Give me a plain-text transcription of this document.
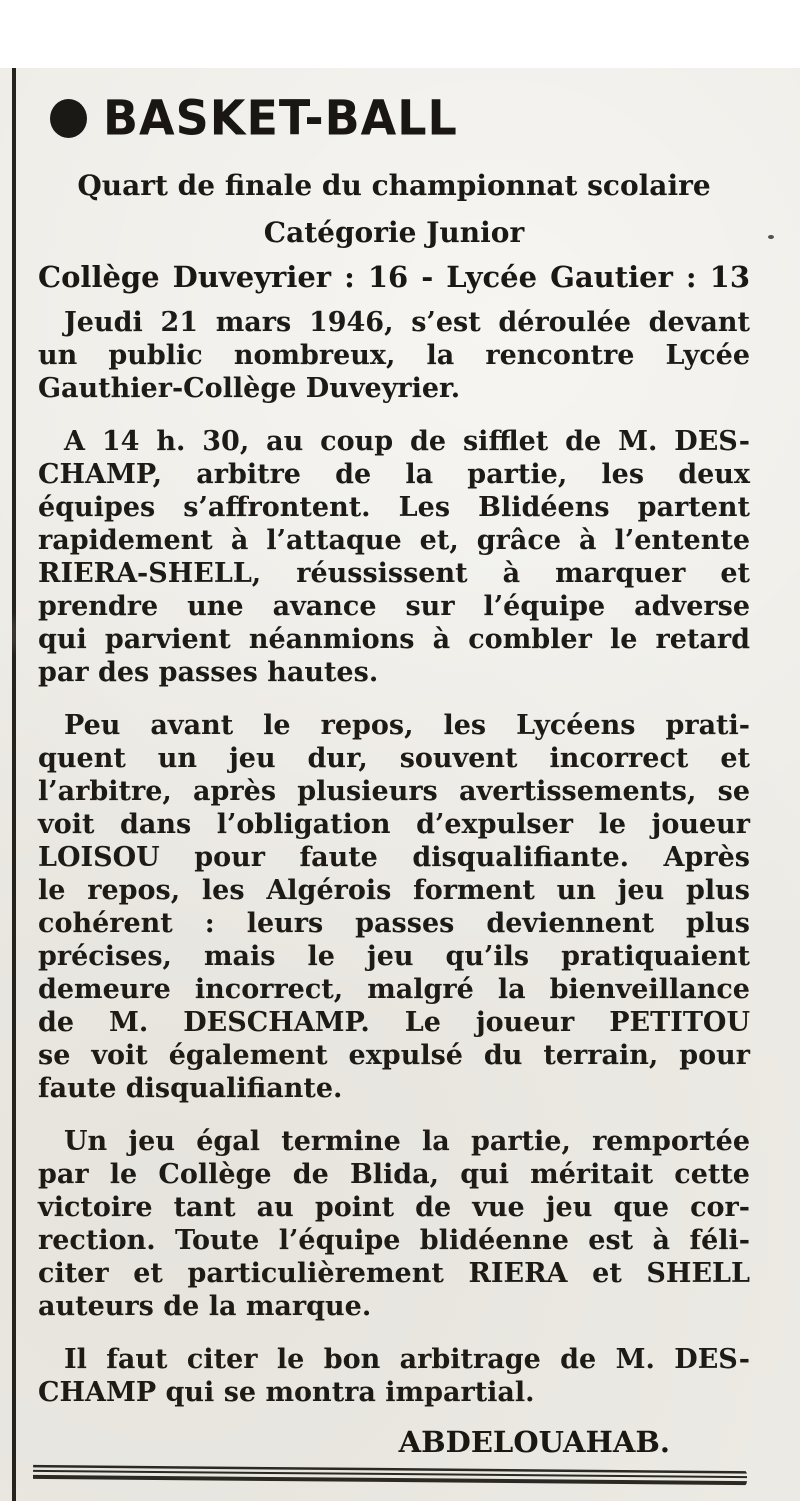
BASKET-BALL
Quart de finale du championnat scolaire
Catégorie Junior
Collège Duveyrier : 16 - Lycée Gautier : 13
Jeudi 21 mars 1946, s’est déroulée devant
un public nombreux, la rencontre Lycée
Gauthier-Collège Duveyrier.
A 14 h. 30, au coup de sifflet de M. DES-
CHAMP, arbitre de la partie, les deux
équipes s’affrontent. Les Blidéens partent
rapidement à l’attaque et, grâce à l’entente
RIERA-SHELL, réussissent à marquer et
prendre une avance sur l’équipe adverse
qui parvient néanmions à combler le retard
par des passes hautes.
Peu avant le repos, les Lycéens prati-
quent un jeu dur, souvent incorrect et
l’arbitre, après plusieurs avertissements, se
voit dans l’obligation d’expulser le joueur
LOISOU pour faute disqualifiante. Après
le repos, les Algérois forment un jeu plus
cohérent : leurs passes deviennent plus
précises, mais le jeu qu’ils pratiquaient
demeure incorrect, malgré la bienveillance
de M. DESCHAMP. Le joueur PETITOU
se voit également expulsé du terrain, pour
faute disqualifiante.
Un jeu égal termine la partie, remportée
par le Collège de Blida, qui méritait cette
victoire tant au point de vue jeu que cor-
rection. Toute l’équipe blidéenne est à féli-
citer et particulièrement RIERA et SHELL
auteurs de la marque.
Il faut citer le bon arbitrage de M. DES-
CHAMP qui se montra impartial.
ABDELOUAHAB.
